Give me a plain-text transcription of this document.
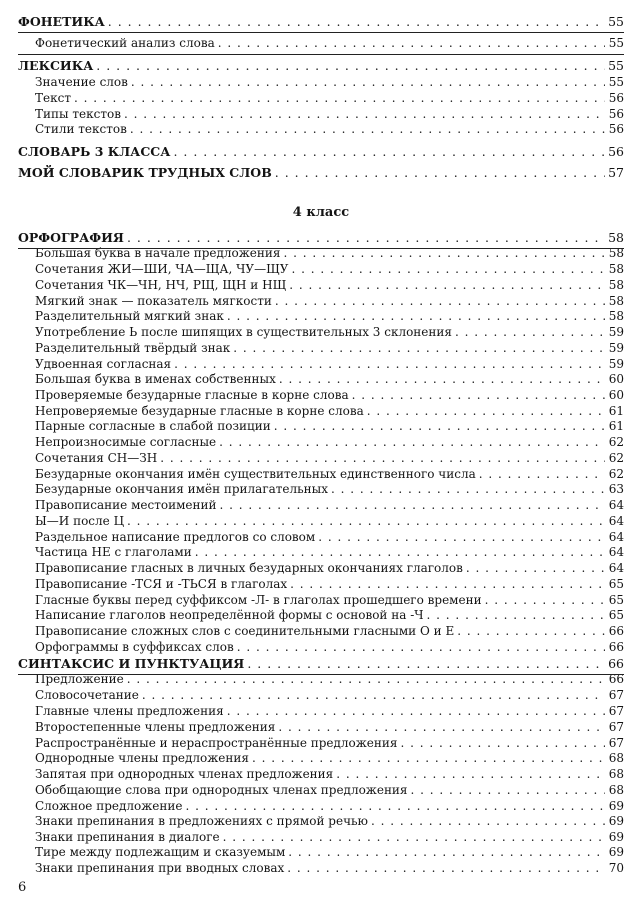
4 класс
ФОНЕТИКА . . .	55
Фонетический анализ слова . . .	55
ЛЕКСИКА . . .	55
Значение слов . . .	55
Текст . . .	56
Типы текстов . . .	56
Стили текстов . . .	56
СЛОВАРЬ 3 КЛАССА . . .	56
МОЙ СЛОВАРИК ТРУДНЫХ СЛОВ . . .	57
ОРФОГРАФИЯ . . .	58
Большая буква в начале предложения . . .	58
Сочетания ЖИ—ШИ, ЧА—ЩА, ЧУ—ЩУ . . .	58
Сочетания ЧК—ЧН, НЧ, РЩ, ЩН и НЩ . . .	58
Мягкий знак — показатель мягкости . . .	58
Разделительный мягкий знак . . .	58
Употребление Ь после шипящих в существительных 3 склонения . . .	59
Разделительный твёрдый знак . . .	59
Удвоенная согласная . . .	59
Большая буква в именах собственных . . .	60
Проверяемые безударные гласные в корне слова . . .	60
Непроверяемые безударные гласные в корне слова . . .	61
Парные согласные в слабой позиции . . .	61
Непроизносимые согласные . . .	62
Сочетания СН—ЗН . . .	62
Безударные окончания имён существительных единственного числа . . .	62
Безударные окончания имён прилагательных . . .	63
Правописание местоимений . . .	64
Ы—И после Ц . . .	64
Раздельное написание предлогов со словом . . .	64
Частица НЕ с глаголами . . .	64
Правописание гласных в личных безударных окончаниях глаголов . . .	64
Правописание -ТСЯ и -ТЬСЯ в глаголах . . .	65
Гласные буквы перед суффиксом -Л- в глаголах прошедшего времени . . .	65
Написание глаголов неопределённой формы с основой на -Ч . . .	65
Правописание сложных слов с соединительными гласными О и Е . . .	66
Орфограммы в суффиксах слов . . .	66
СИНТАКСИС И ПУНКТУАЦИЯ . . .	66
Предложение . . .	66
Словосочетание . . .	67
Главные члены предложения . . .	67
Второстепенные члены предложения . . .	67
Распространённые и нераспространённые предложения . . .	67
Однородные члены предложения . . .	68
Запятая при однородных членах предложения . . .	68
Обобщающие слова при однородных членах предложения . . .	68
Сложное предложение . . .	69
Знаки препинания в предложениях с прямой речью . . .	69
Знаки препинания в диалоге . . .	69
Тире между подлежащим и сказуемым . . .	69
Знаки препинания при вводных словах . . .	70
6
